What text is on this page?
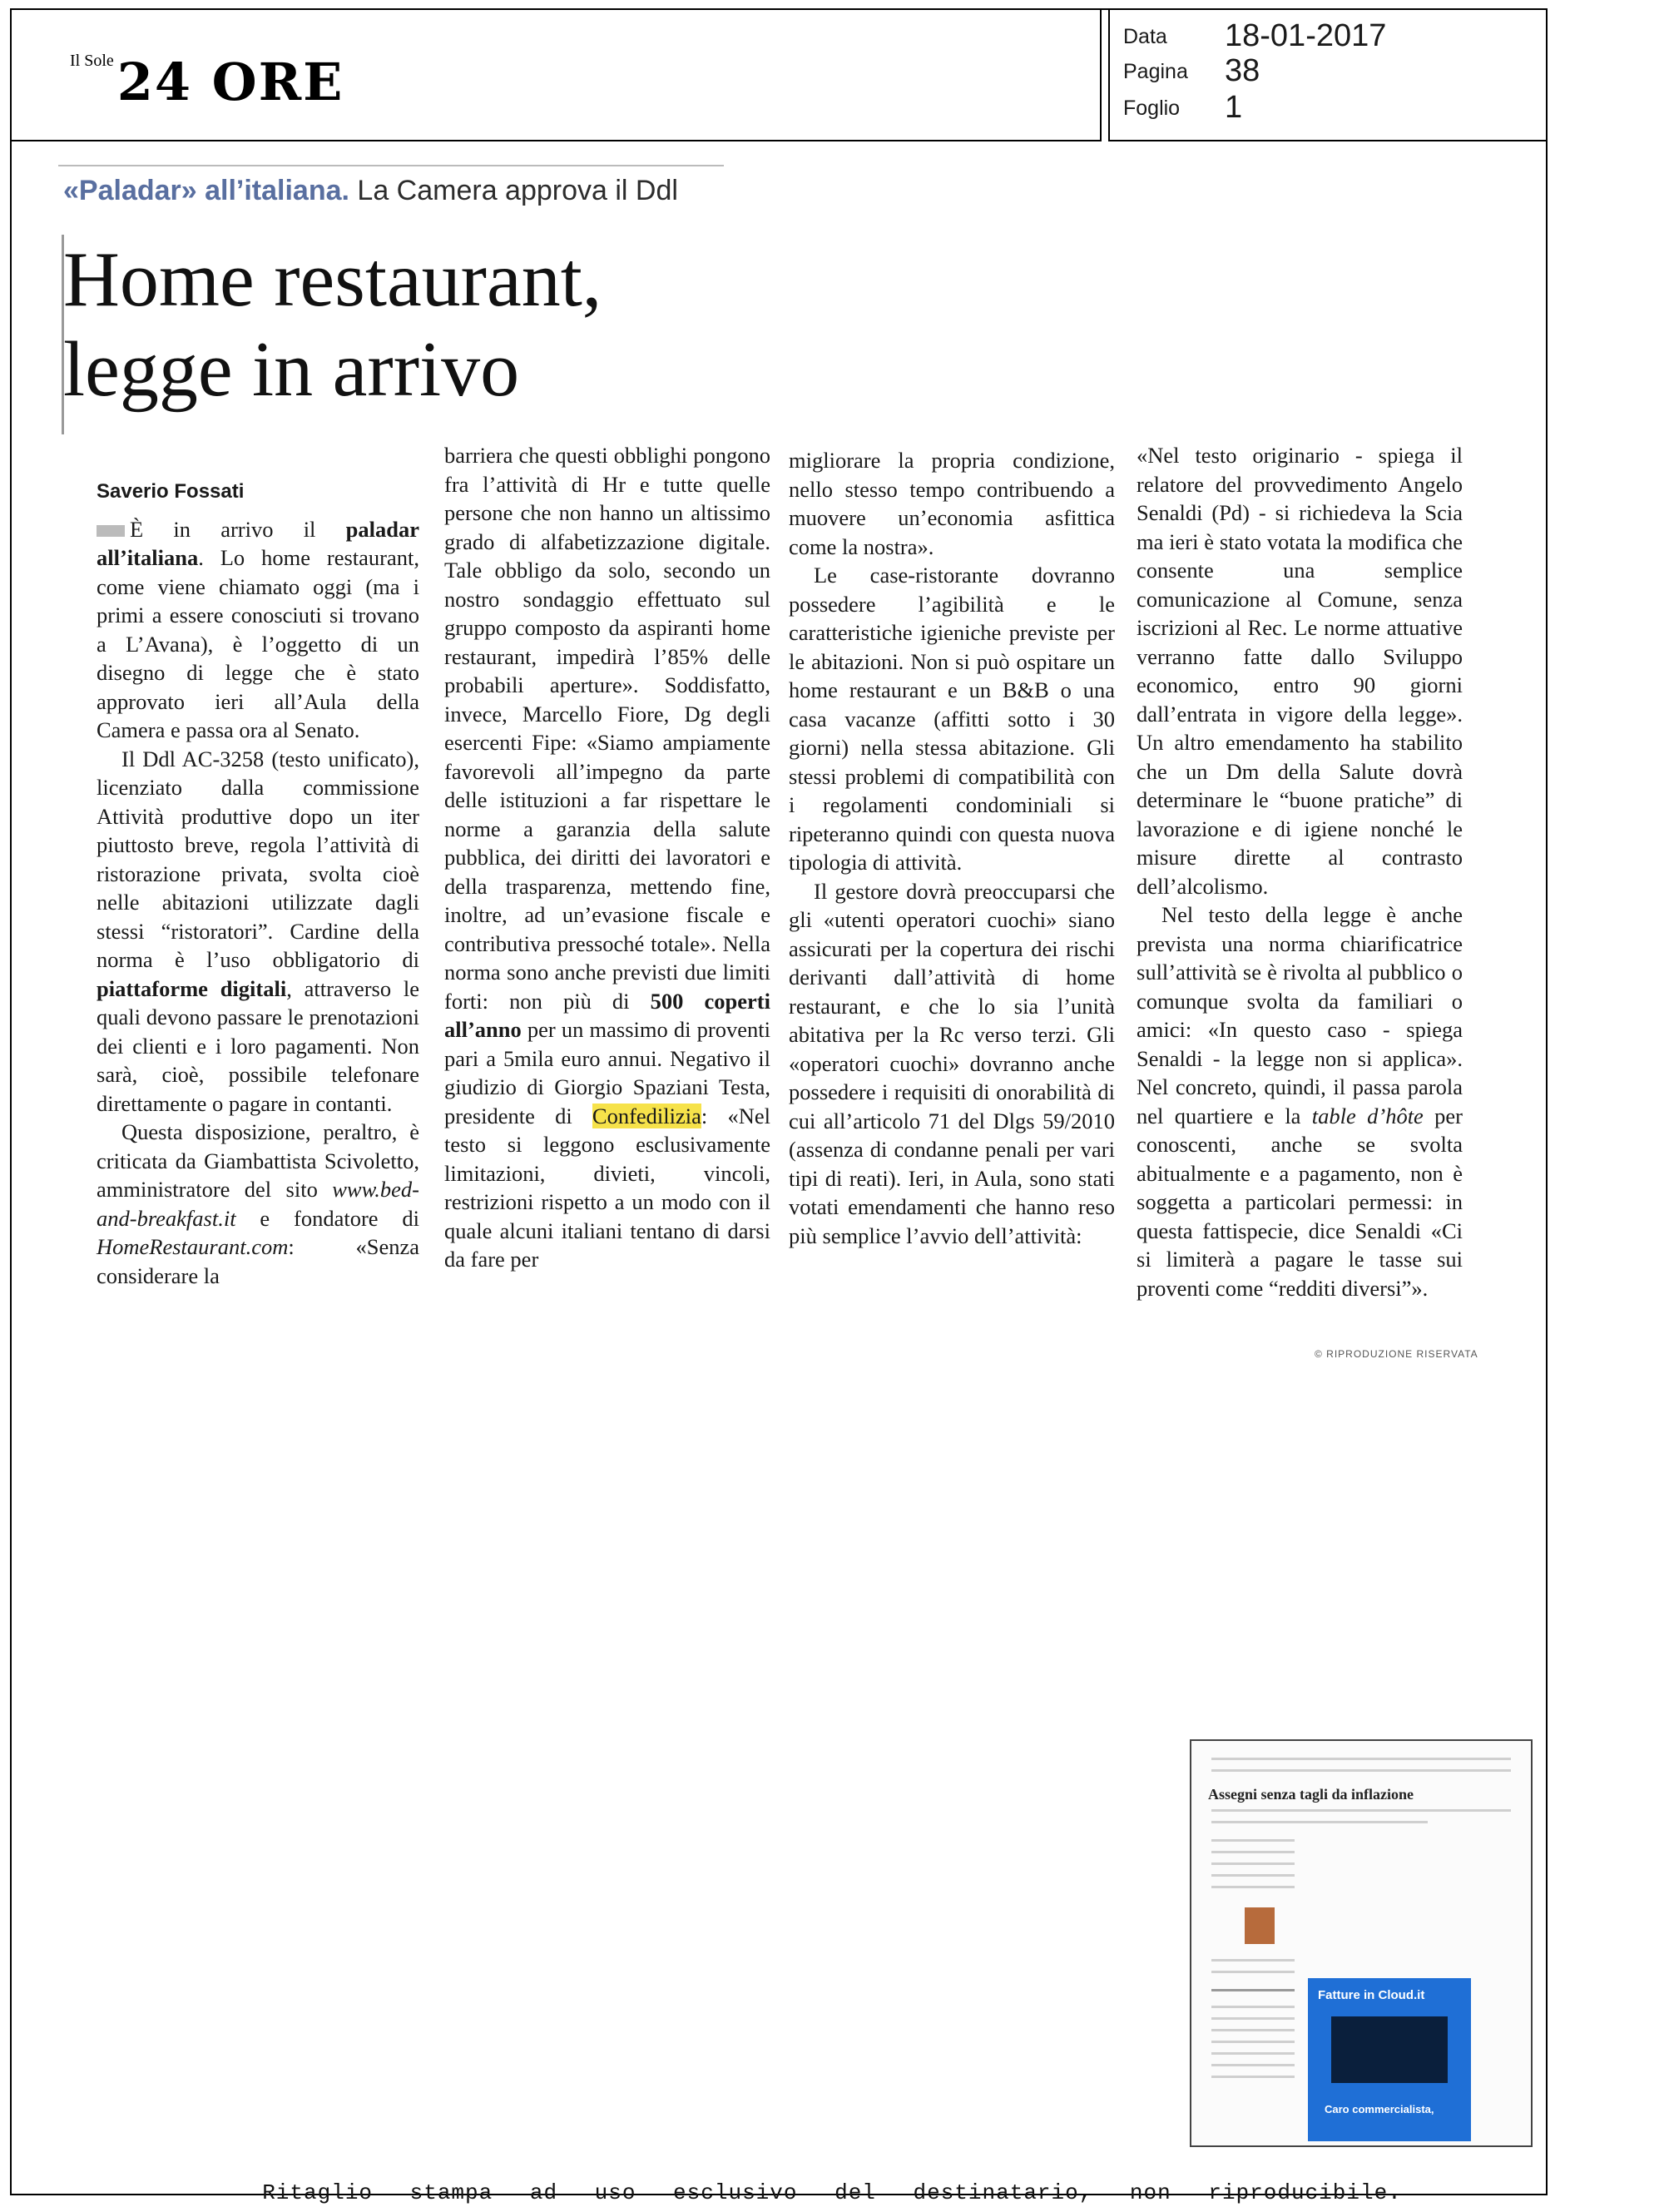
Il Sole24 ORE
Data	18-01-2017
Pagina	38
Foglio	1
«Paladar» all’italiana. La Camera approva il Ddl
Home restaurant,
legge in arrivo
Saverio Fossati

È in arrivo il paladar all’italiana. Lo home restaurant, come viene chiamato oggi (ma i primi a essere conosciuti si trovano a L’Avana), è l’oggetto di un disegno di legge che è stato approvato ieri all’Aula della Camera e passa ora al Senato.

Il Ddl AC-3258 (testo unificato), licenziato dalla commissione Attività produttive dopo un iter piuttosto breve, regola l’attività di ristorazione privata, svolta cioè nelle abitazioni utilizzate dagli stessi “ristoratori”. Cardine della norma è l’uso obbligatorio di piattaforme digitali, attraverso le quali devono passare le prenotazioni dei clienti e i loro pagamenti. Non sarà, cioè, possibile telefonare direttamente o pagare in contanti.

Questa disposizione, peraltro, è criticata da Giambattista Scivoletto, amministratore del sito www.bed-and-breakfast.it e fondatore di HomeRestaurant.com: «Senza considerare la

barriera che questi obblighi pongono fra l’attività di Hr e tutte quelle persone che non hanno un altissimo grado di alfabetizzazione digitale. Tale obbligo da solo, secondo un nostro sondaggio effettuato sul gruppo composto da aspiranti home restaurant, impedirà l’85% delle probabili aperture». Soddisfatto, invece, Marcello Fiore, Dg degli esercenti Fipe: «Siamo ampiamente favorevoli all’impegno da parte delle istituzioni a far rispettare le norme a garanzia della salute pubblica, dei diritti dei lavoratori e della trasparenza, mettendo fine, inoltre, ad un’evasione fiscale e contributiva pressoché totale». Nella norma sono anche previsti due limiti forti: non più di 500 coperti all’anno per un massimo di proventi pari a 5mila euro annui. Negativo il giudizio di Giorgio Spaziani Testa, presidente di Confedilizia: «Nel testo si leggono esclusivamente limitazioni, divieti, vincoli, restrizioni rispetto a un modo con il quale alcuni italiani tentano di darsi da fare per

migliorare la propria condizione, nello stesso tempo contribuendo a muovere un’economia asfittica come la nostra».

Le case-ristorante dovranno possedere l’agibilità e le caratteristiche igieniche previste per le abitazioni. Non si può ospitare un home restaurant e un B&B o una casa vacanze (affitti sotto i 30 giorni) nella stessa abitazione. Gli stessi problemi di compatibilità con i regolamenti condominiali si ripeteranno quindi con questa nuova tipologia di attività.

Il gestore dovrà preoccuparsi che gli «utenti operatori cuochi» siano assicurati per la copertura dei rischi derivanti dall’attività di home restaurant, e che lo sia l’unità abitativa per la Rc verso terzi. Gli «operatori cuochi» dovranno anche possedere i requisiti di onorabilità di cui all’articolo 71 del Dlgs 59/2010 (assenza di condanne penali per vari tipi di reati). Ieri, in Aula, sono stati votati emendamenti che hanno reso più semplice l’avvio dell’attività:

«Nel testo originario - spiega il relatore del provvedimento Angelo Senaldi (Pd) - si richiedeva la Scia ma ieri è stato votata la modifica che consente una semplice comunicazione al Comune, senza iscrizioni al Rec. Le norme attuative verranno fatte dallo Sviluppo economico, entro 90 giorni dall’entrata in vigore della legge». Un altro emendamento ha stabilito che un Dm della Salute dovrà determinare le “buone pratiche” di lavorazione e di igiene nonché le misure dirette al contrasto dell’alcolismo.

Nel testo della legge è anche prevista una norma chiarificatrice sull’attività se è rivolta al pubblico o comunque svolta da familiari o amici: «In questo caso - spiega Senaldi - la legge non si applica». Nel concreto, quindi, il passa parola nel quartiere e la table d’hôte per conoscenti, anche se svolta abitualmente e a pagamento, non è soggetta a particolari permessi: in questa fattispecie, dice Senaldi «Ci si limiterà a pagare le tasse sui proventi come “redditi diversi”».

© RIPRODUZIONE RISERVATA
Assegni senza tagli da inflazione
Fatture in Cloud.it
Caro commercialista,
Ritaglio stampa ad uso esclusivo del destinatario, non riproducibile.
